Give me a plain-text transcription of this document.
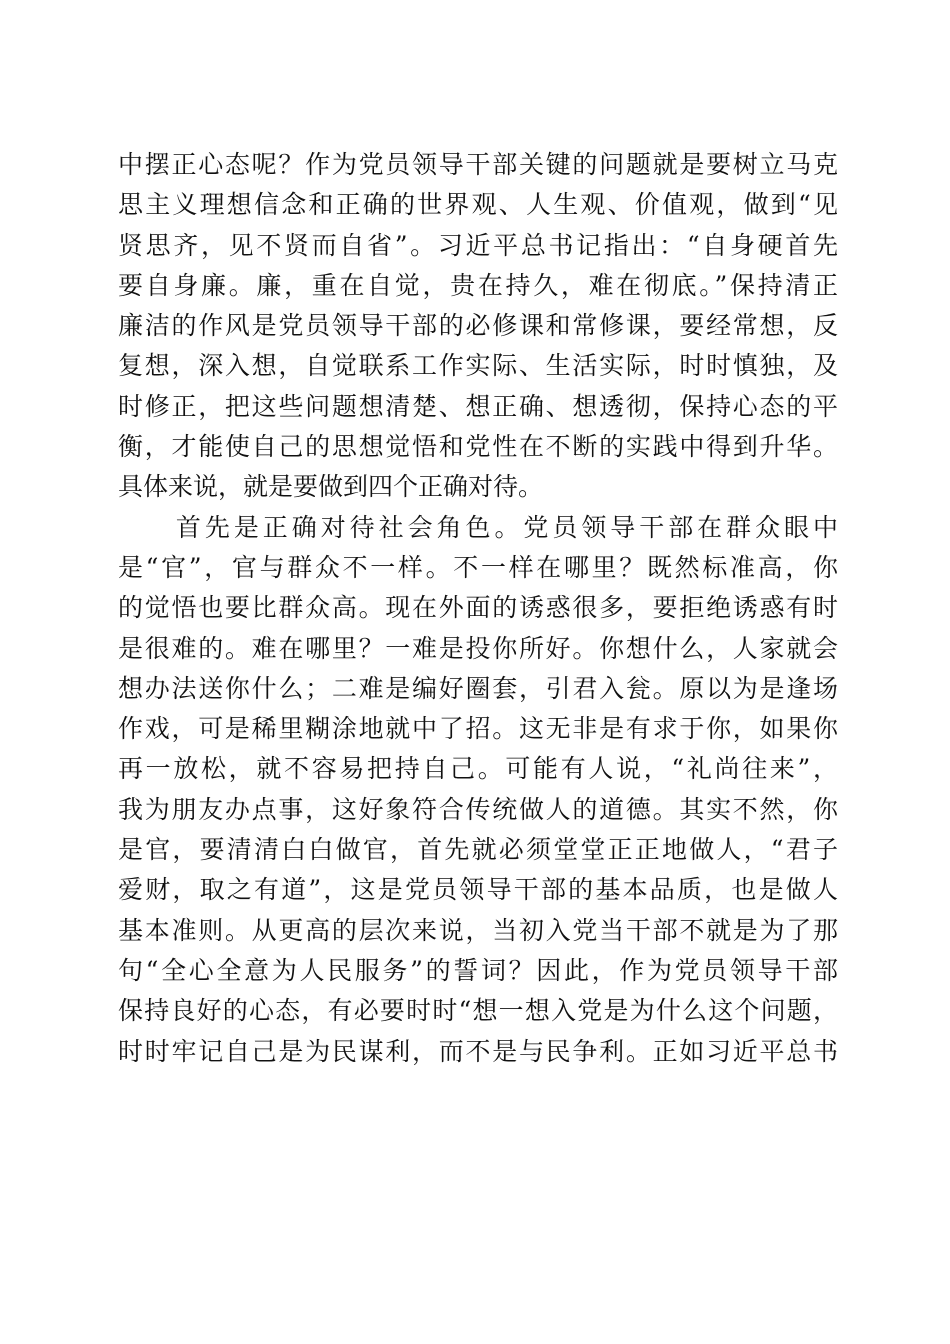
中摆正心态呢？作为党员领导干部关键的问题就是要树立马克
思主义理想信念和正确的世界观、人生观、价值观，做到“见
贤思齐，见不贤而自省”。习近平总书记指出：“自身硬首先
要自身廉。廉，重在自觉，贵在持久，难在彻底。”保持清正
廉洁的作风是党员领导干部的必修课和常修课，要经常想，反
复想，深入想，自觉联系工作实际、生活实际，时时慎独，及
时修正，把这些问题想清楚、想正确、想透彻，保持心态的平
衡，才能使自己的思想觉悟和党性在不断的实践中得到升华。
具体来说，就是要做到四个正确对待。
　　首先是正确对待社会角色。党员领导干部在群众眼中
是“官”，官与群众不一样。不一样在哪里？既然标准高，你
的觉悟也要比群众高。现在外面的诱惑很多，要拒绝诱惑有时
是很难的。难在哪里？一难是投你所好。你想什么，人家就会
想办法送你什么；二难是编好圈套，引君入瓮。原以为是逢场
作戏，可是稀里糊涂地就中了招。这无非是有求于你，如果你
再一放松，就不容易把持自己。可能有人说，“礼尚往来”，
我为朋友办点事，这好象符合传统做人的道德。其实不然，你
是官，要清清白白做官，首先就必须堂堂正正地做人，“君子
爱财，取之有道”，这是党员领导干部的基本品质，也是做人
基本准则。从更高的层次来说，当初入党当干部不就是为了那
句“全心全意为人民服务”的誓词？因此，作为党员领导干部
保持良好的心态，有必要时时“想一想入党是为什么这个问题，
时时牢记自己是为民谋利，而不是与民争利。正如习近平总书
